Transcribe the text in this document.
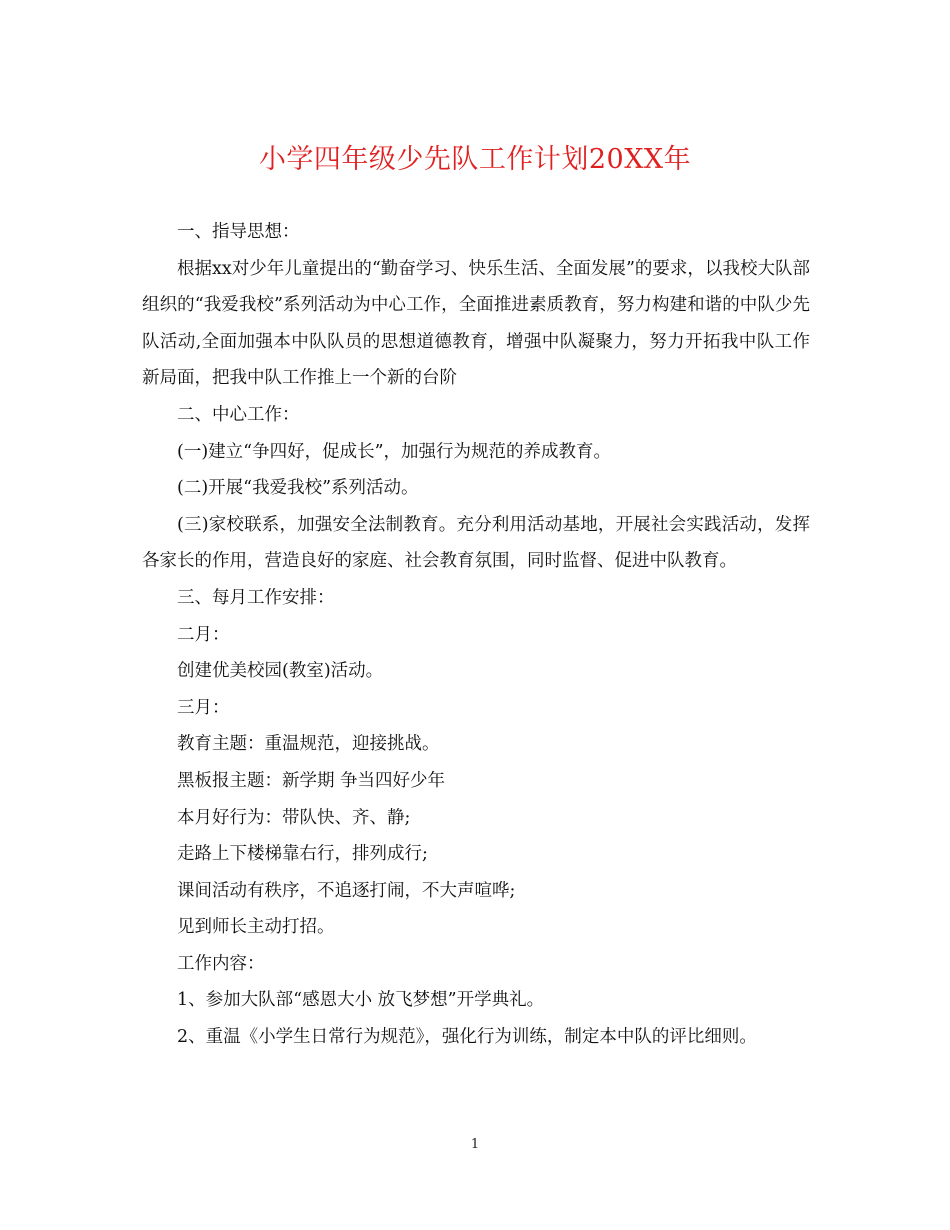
小学四年级少先队工作计划20XX年

一、指导思想：

根据xx对少年儿童提出的“勤奋学习、快乐生活、全面发展”的要求，以我校大队部组织的“我爱我校”系列活动为中心工作，全面推进素质教育，努力构建和谐的中队少先队活动,全面加强本中队队员的思想道德教育，增强中队凝聚力，努力开拓我中队工作新局面，把我中队工作推上一个新的台阶

二、中心工作：

(一)建立“争四好，促成长”，加强行为规范的养成教育。

(二)开展“我爱我校”系列活动。

(三)家校联系，加强安全法制教育。充分利用活动基地，开展社会实践活动，发挥各家长的作用，营造良好的家庭、社会教育氛围，同时监督、促进中队教育。

三、每月工作安排：

二月：

创建优美校园(教室)活动。

三月：

教育主题：重温规范，迎接挑战。

黑板报主题：新学期 争当四好少年

本月好行为：带队快、齐、静;

走路上下楼梯靠右行，排列成行;

课间活动有秩序，不追逐打闹，不大声喧哗;

见到师长主动打招。

工作内容：

1、参加大队部“感恩大小 放飞梦想”开学典礼。

2、重温《小学生日常行为规范》，强化行为训练，制定本中队的评比细则。

1
